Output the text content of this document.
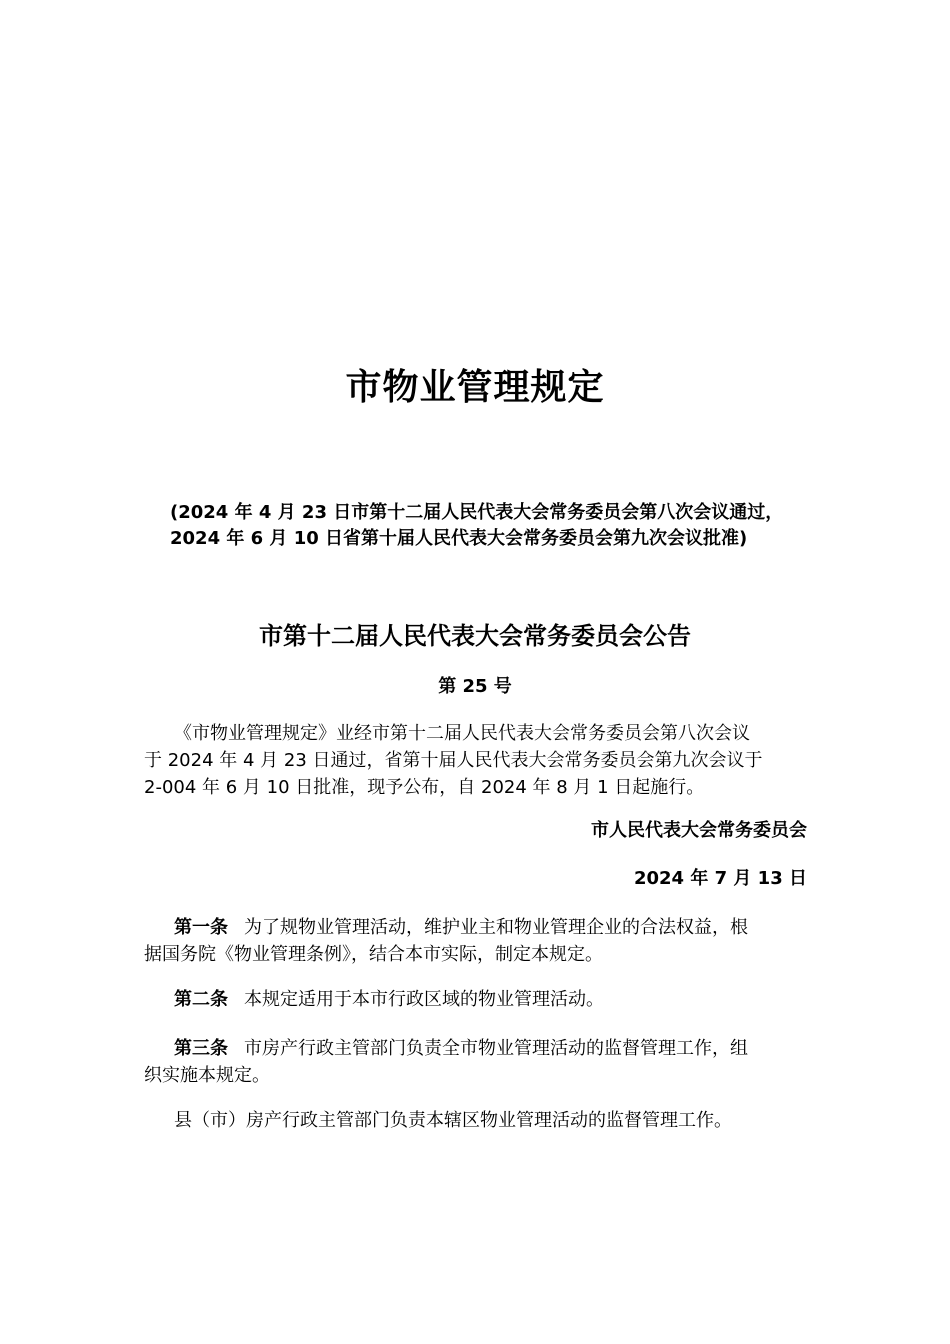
市物业管理规定
(2024 年 4 月 23 日市第十二届人民代表大会常务委员会第八次会议通过，
2024 年 6 月 10 日省第十届人民代表大会常务委员会第九次会议批准)
市第十二届人民代表大会常务委员会公告
第 25 号
《市物业管理规定》业经市第十二届人民代表大会常务委员会第八次会议
于 2024 年 4 月 23 日通过，省第十届人民代表大会常务委员会第九次会议于
2-004 年 6 月 10 日批准，现予公布，自 2024 年 8 月 1 日起施行。
市人民代表大会常务委员会
2024 年 7 月 13 日
第一条 为了规物业管理活动，维护业主和物业管理企业的合法权益，根
据国务院《物业管理条例》，结合本市实际，制定本规定。
第二条 本规定适用于本市行政区域的物业管理活动。
第三条 市房产行政主管部门负责全市物业管理活动的监督管理工作，组
织实施本规定。
县（市）房产行政主管部门负责本辖区物业管理活动的监督管理工作。
